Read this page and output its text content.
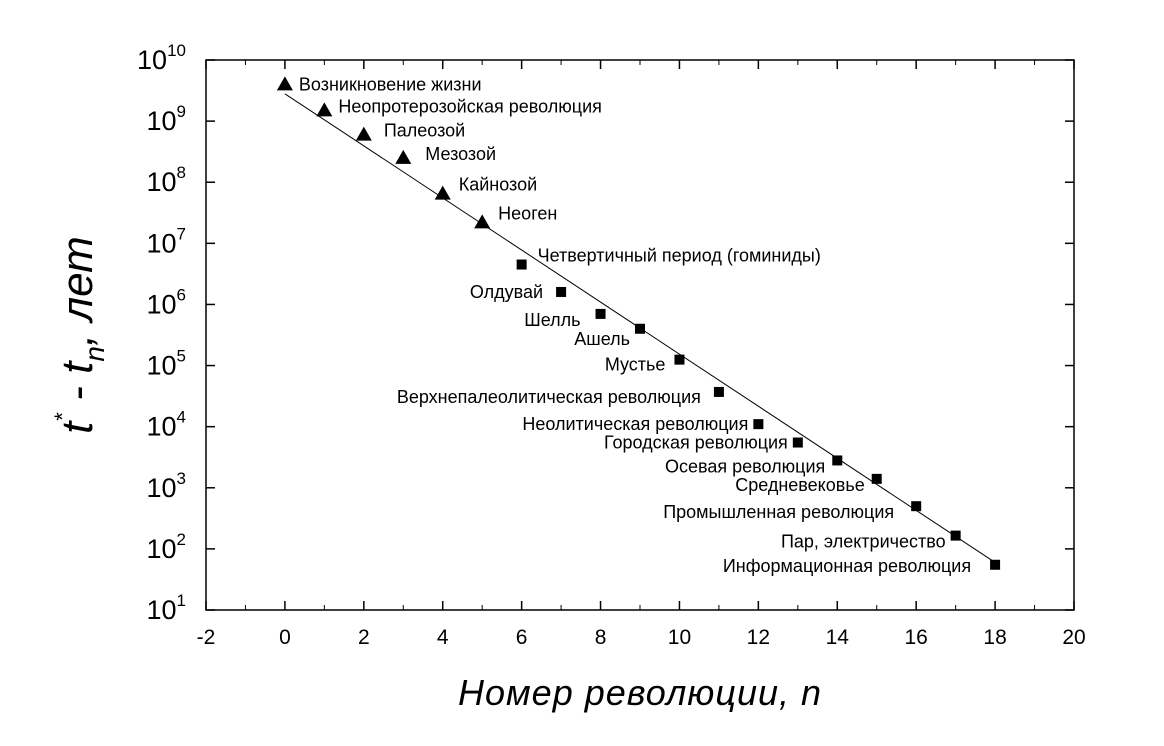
-2	0	2	4	6	8	10	12	14	16	18	20
$10^1$
$10^2$
$10^3$
$10^4$
$10^5$
$10^6$
$10^7$
$10^8$
$10^9$
$10^{10}$
Возникновение жизни
Неопротерозойская революция
Палеозой
Мезозой
Кайнозой
Неоген
Четвертичный период (гоминиды)
Олдувай
Шелль
Ашель
Мустье
Верхнепалеолитическая революция
Неолитическая революция
Городская революция
Осевая революция
Средневековье
Промышленная революция
Пар, электричество
Информационная революция
Номер революции, n
$t^* - t_n$, лет
